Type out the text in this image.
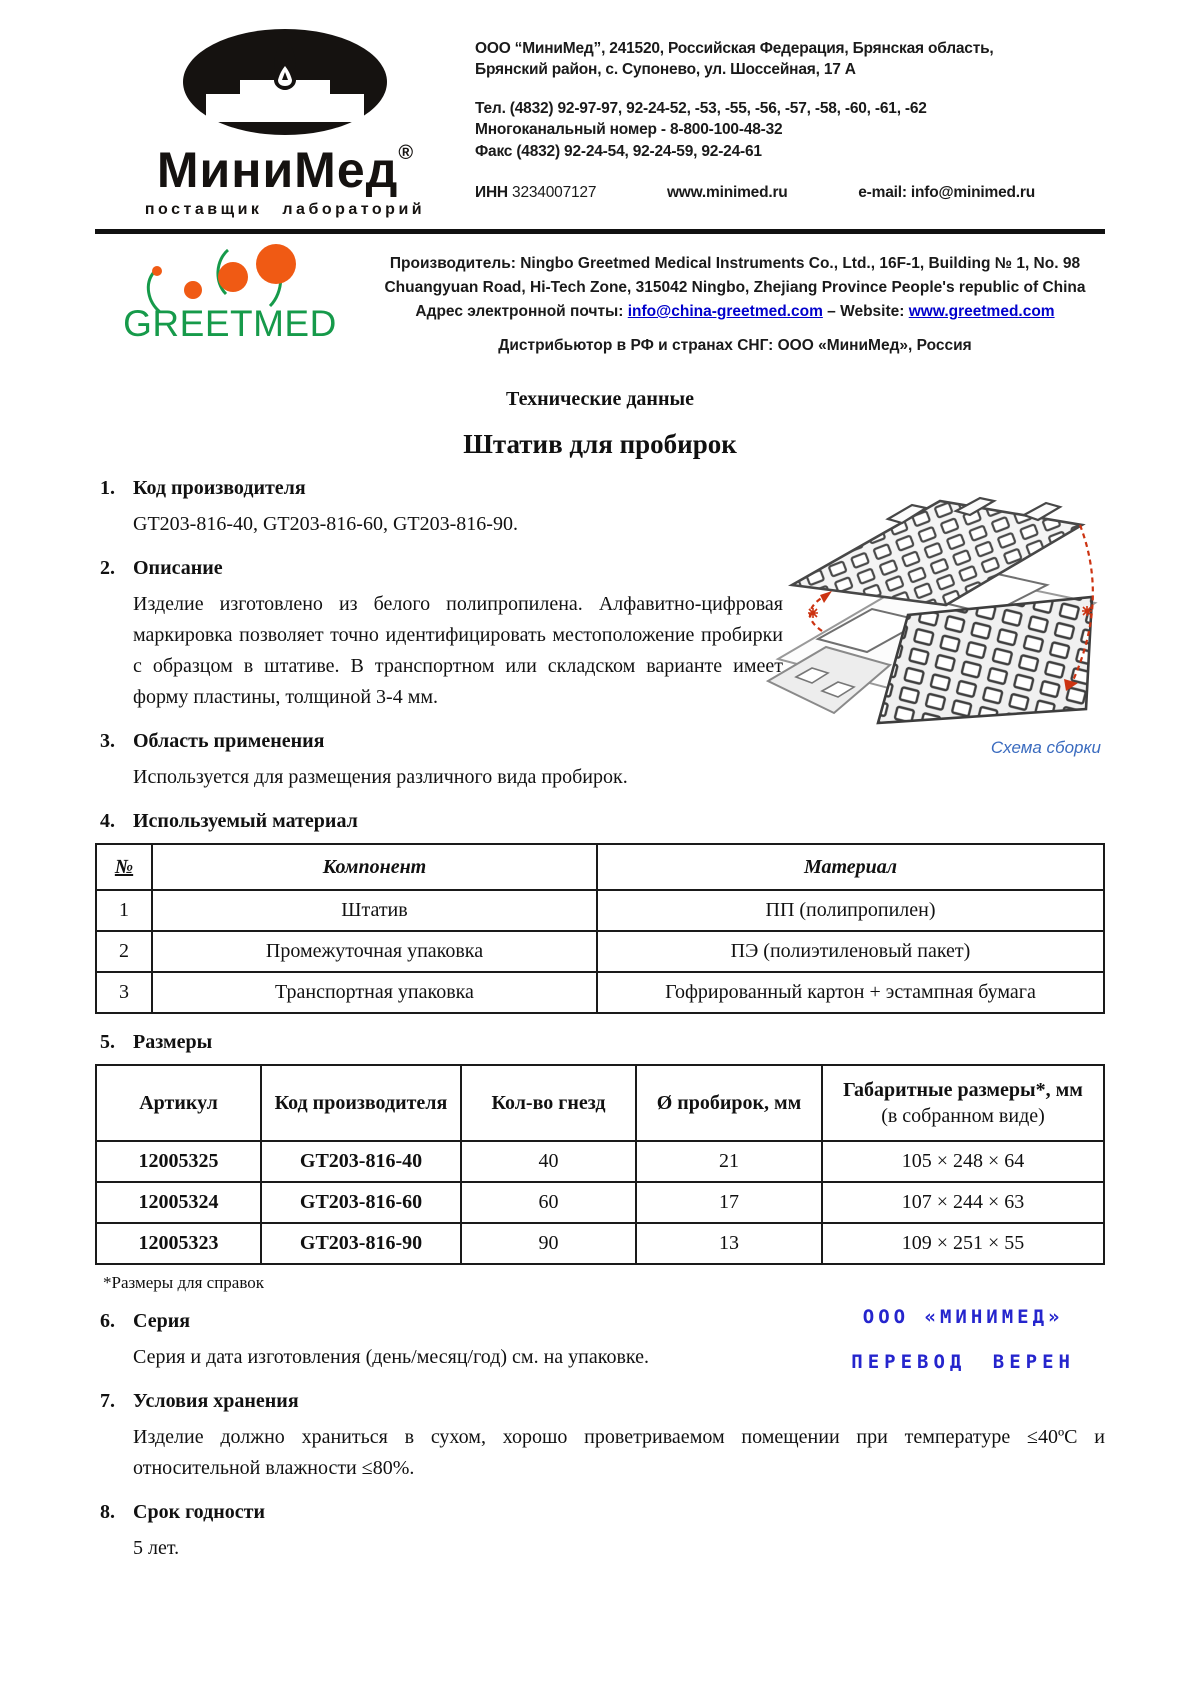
МиниМед®
поставщик лабораторий
ООО “МиниМед”, 241520, Российская Федерация, Брянская область,
Брянский район, с. Супонево, ул. Шоссейная, 17 А
Тел. (4832) 92-97-97, 92-24-52, -53, -55, -56, -57, -58, -60, -61, -62
Многоканальный номер - 8-800-100-48-32
Факс (4832) 92-24-54, 92-24-59, 92-24-61
ИНН 3234007127	www.minimed.ru	e-mail: info@minimed.ru
GREETMED
Производитель: Ningbo Greetmed Medical Instruments Co., Ltd., 16F-1, Building № 1, No. 98
Chuangyuan Road, Hi-Tech Zone, 315042 Ningbo, Zhejiang Province People's republic of China
Адрес электронной почты: info@china-greetmed.com – Website: www.greetmed.com
Дистрибьютор в РФ и странах СНГ: ООО «МиниМед», Россия
Технические данные
Штатив для пробирок
Схема сборки
1. Код производителя
GT203-816-40, GT203-816-60, GT203-816-90.
2. Описание
Изделие изготовлено из белого полипропилена. Алфавитно-цифровая маркировка позволяет точно идентифицировать местоположение пробирки с образцом в штативе. В транспортном или складском варианте имеет форму пластины, толщиной 3-4 мм.
3. Область применения
Используется для размещения различного вида пробирок.
4. Используемый материал
№	Компонент	Материал
1	Штатив	ПП (полипропилен)
2	Промежуточная упаковка	ПЭ (полиэтиленовый пакет)
3	Транспортная упаковка	Гофрированный картон + эстампная бумага
5. Размеры
Артикул	Код производителя	Кол-во гнезд	Ø пробирок, мм	Габаритные размеры*, мм
(в собранном виде)

12005325	GT203-816-40	40	21	105 × 248 × 64
12005324	GT203-816-60	60	17	107 × 244 × 63
12005323	GT203-816-90	90	13	109 × 251 × 55
*Размеры для справок
6. Серия
Серия и дата изготовления (день/месяц/год) см. на упаковке.
ООО «МИНИМЕД»
ПЕРЕВОД ВЕРЕН
7. Условия хранения
Изделие должно храниться в сухом, хорошо проветриваемом помещении при температуре ≤40ºС и относительной влажности ≤80%.
8. Срок годности
5 лет.
